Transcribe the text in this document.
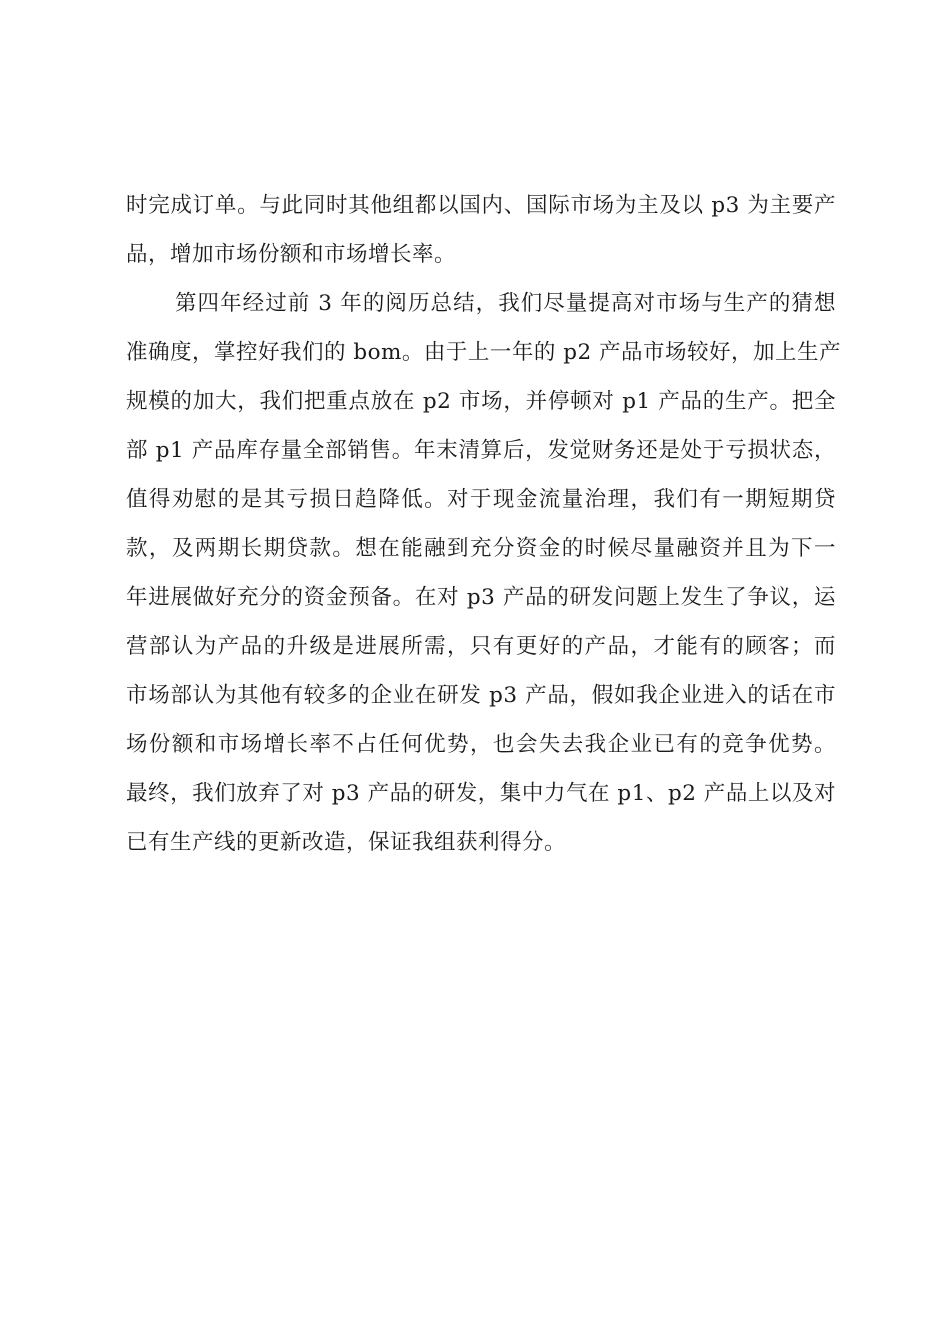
时完成订单。与此同时其他组都以国内、国际市场为主及以 p3 为主要产
品，增加市场份额和市场增长率。
第四年经过前 3 年的阅历总结，我们尽量提高对市场与生产的猜想
准确度，掌控好我们的 bom。由于上一年的 p2 产品市场较好，加上生产
规模的加大，我们把重点放在 p2 市场，并停顿对 p1 产品的生产。把全
部 p1 产品库存量全部销售。年末清算后，发觉财务还是处于亏损状态，
值得劝慰的是其亏损日趋降低。对于现金流量治理，我们有一期短期贷
款，及两期长期贷款。想在能融到充分资金的时候尽量融资并且为下一
年进展做好充分的资金预备。在对 p3 产品的研发问题上发生了争议，运
营部认为产品的升级是进展所需，只有更好的产品，才能有的顾客；而
市场部认为其他有较多的企业在研发 p3 产品，假如我企业进入的话在市
场份额和市场增长率不占任何优势，也会失去我企业已有的竞争优势。
最终，我们放弃了对 p3 产品的研发，集中力气在 p1、p2 产品上以及对
已有生产线的更新改造，保证我组获利得分。
